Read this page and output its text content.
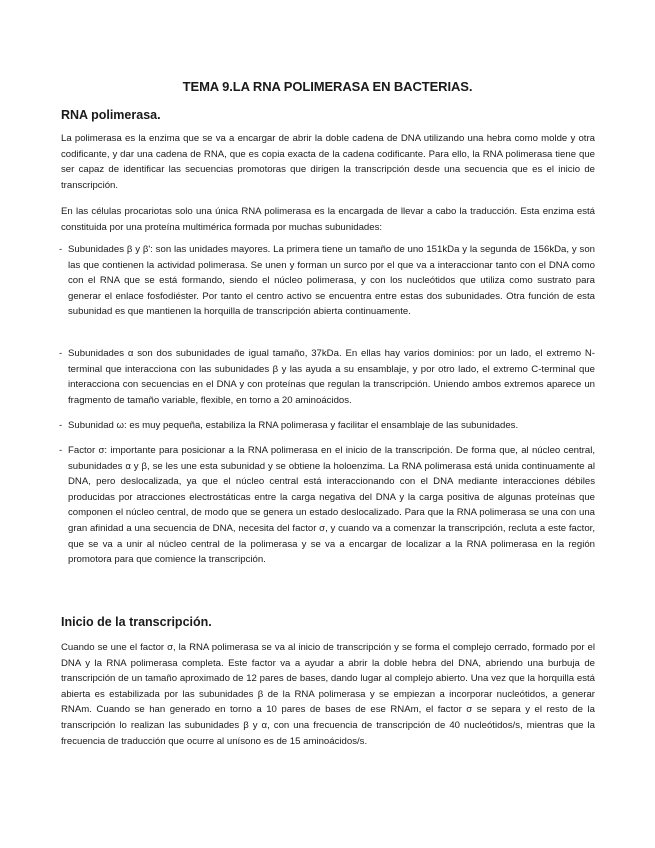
TEMA 9.LA RNA POLIMERASA EN BACTERIAS.
RNA polimerasa.
La polimerasa es la enzima que se va a encargar de abrir la doble cadena de DNA utilizando una hebra como molde y otra codificante, y dar una cadena de RNA, que es copia exacta de la cadena codificante. Para ello, la RNA polimerasa tiene que ser capaz de identificar las secuencias promotoras que dirigen la transcripción desde una secuencia que es el inicio de transcripción.
En las células procariotas solo una única RNA polimerasa es la encargada de llevar a cabo la traducción. Esta enzima está constituida por una proteína multimérica formada por muchas subunidades:
- Subunidades β y β': son las unidades mayores. La primera tiene un tamaño de uno 151kDa y la segunda de 156kDa, y son las que contienen la actividad polimerasa. Se unen y forman un surco por el que va a interaccionar tanto con el DNA como con el RNA que se está formando, siendo el núcleo polimerasa, y con los nucleótidos que utiliza como sustrato para generar el enlace fosfodiéster. Por tanto el centro activo se encuentra entre estas dos subunidades. Otra función de esta subunidad es que mantienen la horquilla de transcripción abierta continuamente.
- Subunidades α son dos subunidades de igual tamaño, 37kDa. En ellas hay varios dominios: por un lado, el extremo N-terminal que interacciona con las subunidades β y las ayuda a su ensamblaje, y por otro lado, el extremo C-terminal que interacciona con secuencias en el DNA y con proteínas que regulan la transcripción. Uniendo ambos extremos aparece un fragmento de tamaño variable, flexible, en torno a 20 aminoácidos.
- Subunidad ω: es muy pequeña, estabiliza la RNA polimerasa y facilitar el ensamblaje de las subunidades.
- Factor σ: importante para posicionar a la RNA polimerasa en el inicio de la transcripción. De forma que, al núcleo central, subunidades α y β, se les une esta subunidad y se obtiene la holoenzima. La RNA polimerasa está unida continuamente al DNA, pero deslocalizada, ya que el núcleo central está interaccionando con el DNA mediante interacciones débiles producidas por atracciones electrostáticas entre la carga negativa del DNA y la carga positiva de algunas proteínas que componen el núcleo central, de modo que se genera un estado deslocalizado. Para que la RNA polimerasa se una con una gran afinidad a una secuencia de DNA, necesita del factor σ, y cuando va a comenzar la transcripción, recluta a este factor, que se va a unir al núcleo central de la polimerasa y se va a encargar de localizar a la RNA polimerasa en la región promotora para que comience la transcripción.
Inicio de la transcripción.
Cuando se une el factor σ, la RNA polimerasa se va al inicio de transcripción y se forma el complejo cerrado, formado por el DNA y la RNA polimerasa completa. Este factor va a ayudar a abrir la doble hebra del DNA, abriendo una burbuja de transcripción de un tamaño aproximado de 12 pares de bases, dando lugar al complejo abierto. Una vez que la horquilla está abierta es estabilizada por las subunidades β de la RNA polimerasa y se empiezan a incorporar nucleótidos, a generar RNAm. Cuando se han generado en torno a 10 pares de bases de ese RNAm, el factor σ se separa y el resto de la transcripción lo realizan las subunidades β y α, con una frecuencia de transcripción de 40 nucleótidos/s, mientras que la frecuencia de traducción que ocurre al unísono es de 15 aminoácidos/s.
